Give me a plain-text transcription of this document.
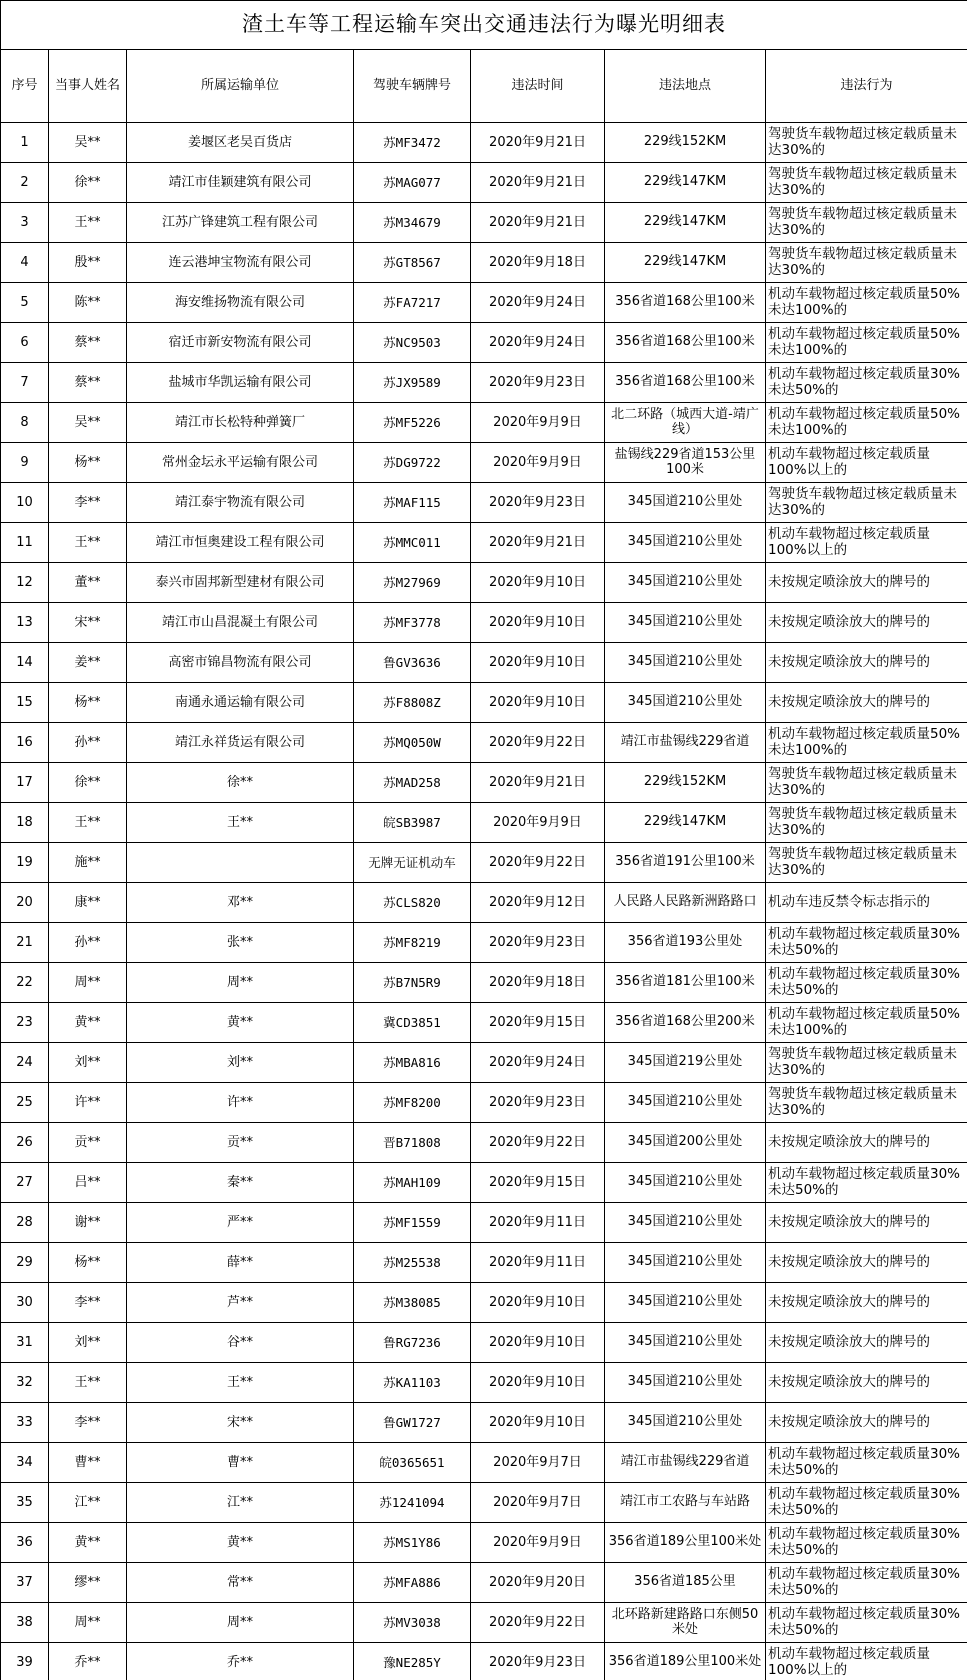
渣土车等工程运输车突出交通违法行为曝光明细表						
序号	当事人姓名	所属运输单位	驾驶车辆牌号	违法时间	违法地点	违法行为
1	吴**	姜堰区老吴百货店	苏MF3472	2020年9月21日	229线152KM	驾驶货车载物超过核定载质量未达30%的
2	徐**	靖江市佳颖建筑有限公司	苏MAG077	2020年9月21日	229线147KM	驾驶货车载物超过核定载质量未达30%的
3	王**	江苏广锋建筑工程有限公司	苏M34679	2020年9月21日	229线147KM	驾驶货车载物超过核定载质量未达30%的
4	殷**	连云港坤宝物流有限公司	苏GT8567	2020年9月18日	229线147KM	驾驶货车载物超过核定载质量未达30%的
5	陈**	海安维扬物流有限公司	苏FA7217	2020年9月24日	356省道168公里100米	机动车载物超过核定载质量50%未达100%的
6	蔡**	宿迁市新安物流有限公司	苏NC9503	2020年9月24日	356省道168公里100米	机动车载物超过核定载质量50%未达100%的
7	蔡**	盐城市华凯运输有限公司	苏JX9589	2020年9月23日	356省道168公里100米	机动车载物超过核定载质量30%未达50%的
8	吴**	靖江市长松特种弹簧厂	苏MF5226	2020年9月9日	北二环路（城西大道-靖广线）	机动车载物超过核定载质量50%未达100%的
9	杨**	常州金坛永平运输有限公司	苏DG9722	2020年9月9日	盐锡线229省道153公里100米	机动车载物超过核定载质量100%以上的
10	李**	靖江泰宇物流有限公司	苏MAF115	2020年9月23日	345国道210公里处	驾驶货车载物超过核定载质量未达30%的
11	王**	靖江市恒奥建设工程有限公司	苏MMC011	2020年9月21日	345国道210公里处	机动车载物超过核定载质量100%以上的
12	董**	泰兴市固邦新型建材有限公司	苏M27969	2020年9月10日	345国道210公里处	未按规定喷涂放大的牌号的
13	宋**	靖江市山昌混凝土有限公司	苏MF3778	2020年9月10日	345国道210公里处	未按规定喷涂放大的牌号的
14	姜**	高密市锦昌物流有限公司	鲁GV3636	2020年9月10日	345国道210公里处	未按规定喷涂放大的牌号的
15	杨**	南通永通运输有限公司	苏F8808Z	2020年9月10日	345国道210公里处	未按规定喷涂放大的牌号的
16	孙**	靖江永祥货运有限公司	苏MQ050W	2020年9月22日	靖江市盐锡线229省道	机动车载物超过核定载质量50%未达100%的
17	徐**	徐**	苏MAD258	2020年9月21日	229线152KM	驾驶货车载物超过核定载质量未达30%的
18	王**	王**	皖SB3987	2020年9月9日	229线147KM	驾驶货车载物超过核定载质量未达30%的
19	施**		无牌无证机动车	2020年9月22日	356省道191公里100米	驾驶货车载物超过核定载质量未达30%的
20	康**	邓**	苏CLS820	2020年9月12日	人民路人民路新洲路路口	机动车违反禁令标志指示的
21	孙**	张**	苏MF8219	2020年9月23日	356省道193公里处	机动车载物超过核定载质量30%未达50%的
22	周**	周**	苏B7N5R9	2020年9月18日	356省道181公里100米	机动车载物超过核定载质量30%未达50%的
23	黄**	黄**	冀CD3851	2020年9月15日	356省道168公里200米	机动车载物超过核定载质量50%未达100%的
24	刘**	刘**	苏MBA816	2020年9月24日	345国道219公里处	驾驶货车载物超过核定载质量未达30%的
25	许**	许**	苏MF8200	2020年9月23日	345国道210公里处	驾驶货车载物超过核定载质量未达30%的
26	贡**	贡**	晋B71808	2020年9月22日	345国道200公里处	未按规定喷涂放大的牌号的
27	吕**	秦**	苏MAH109	2020年9月15日	345国道210公里处	机动车载物超过核定载质量30%未达50%的
28	谢**	严**	苏MF1559	2020年9月11日	345国道210公里处	未按规定喷涂放大的牌号的
29	杨**	薛**	苏M25538	2020年9月11日	345国道210公里处	未按规定喷涂放大的牌号的
30	李**	芦**	苏M38085	2020年9月10日	345国道210公里处	未按规定喷涂放大的牌号的
31	刘**	谷**	鲁RG7236	2020年9月10日	345国道210公里处	未按规定喷涂放大的牌号的
32	王**	王**	苏KA1103	2020年9月10日	345国道210公里处	未按规定喷涂放大的牌号的
33	李**	宋**	鲁GW1727	2020年9月10日	345国道210公里处	未按规定喷涂放大的牌号的
34	曹**	曹**	皖0365651	2020年9月7日	靖江市盐锡线229省道	机动车载物超过核定载质量30%未达50%的
35	江**	江**	苏1241094	2020年9月7日	靖江市工农路与车站路	机动车载物超过核定载质量30%未达50%的
36	黄**	黄**	苏MS1Y86	2020年9月9日	356省道189公里100米处	机动车载物超过核定载质量30%未达50%的
37	缪**	常**	苏MFA886	2020年9月20日	356省道185公里	机动车载物超过核定载质量30%未达50%的
38	周**	周**	苏MV3038	2020年9月22日	北环路新建路路口东侧50米处	机动车载物超过核定载质量30%未达50%的
39	乔**	乔**	豫NE285Y	2020年9月23日	356省道189公里100米处	机动车载物超过核定载质量100%以上的
